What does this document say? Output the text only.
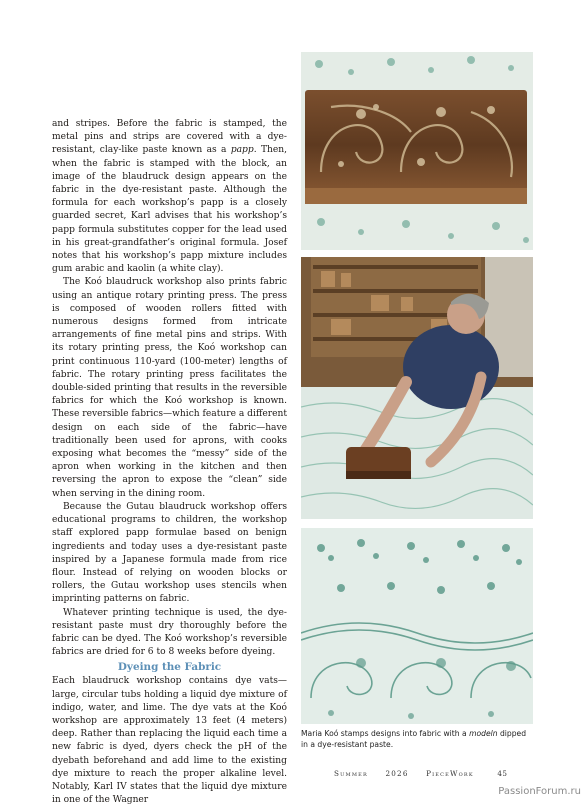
and stripes. Before the fabric is stamped, the metal pins and strips are covered with a dye-resistant, clay-like paste known as a papp. Then, when the fabric is stamped with the block, an image of the blaudruck design appears on the fabric in the dye-resistant paste. Although the formula for each workshop’s papp is a closely guarded secret, Karl advises that his workshop’s papp formula substitutes copper for the lead used in his great-grandfather’s original formula. Josef notes that his workshop’s papp mixture includes gum arabic and kaolin (a white clay).

The Koó blaudruck workshop also prints fabric using an antique rotary printing press. The press is composed of wooden rollers fitted with numerous designs formed from intricate arrangements of fine metal pins and strips. With its rotary printing press, the Koó workshop can print continuous 110-yard (100-meter) lengths of fabric. The rotary printing press facilitates the double-sided printing that results in the reversible fabrics for which the Koó workshop is known. These reversible fabrics—which feature a different design on each side of the fabric—have traditionally been used for aprons, with cooks exposing what becomes the “messy” side of the apron when working in the kitchen and then reversing the apron to expose the “clean” side when serving in the dining room.

Because the Gutau blaudruck workshop offers educational programs to children, the workshop staff explored papp formulae based on benign ingredients and today uses a dye-resistant paste inspired by a Japanese formula made from rice flour. Instead of relying on wooden blocks or rollers, the Gutau workshop uses stencils when imprinting patterns on fabric.

Whatever printing technique is used, the dye-resistant paste must dry thoroughly before the fabric can be dyed. The Koó workshop’s reversible fabrics are dried for 6 to 8 weeks before dyeing.

Dyeing the Fabric

Each blaudruck workshop contains dye vats—large, circular tubs holding a liquid dye mixture of indigo, water, and lime. The dye vats at the Koó workshop are approximately 13 feet (4 meters) deep. Rather than replacing the liquid each time a new fabric is dyed, dyers check the pH of the dyebath beforehand and add lime to the existing dye mixture to reach the proper alkaline level. Notably, Karl IV states that the liquid dye mixture in one of the Wagner

Maria Koó stamps designs into fabric with a modeln dipped in a dye-resistant paste.
Summer 2026 PieceWork	45
PassionForum.ru
